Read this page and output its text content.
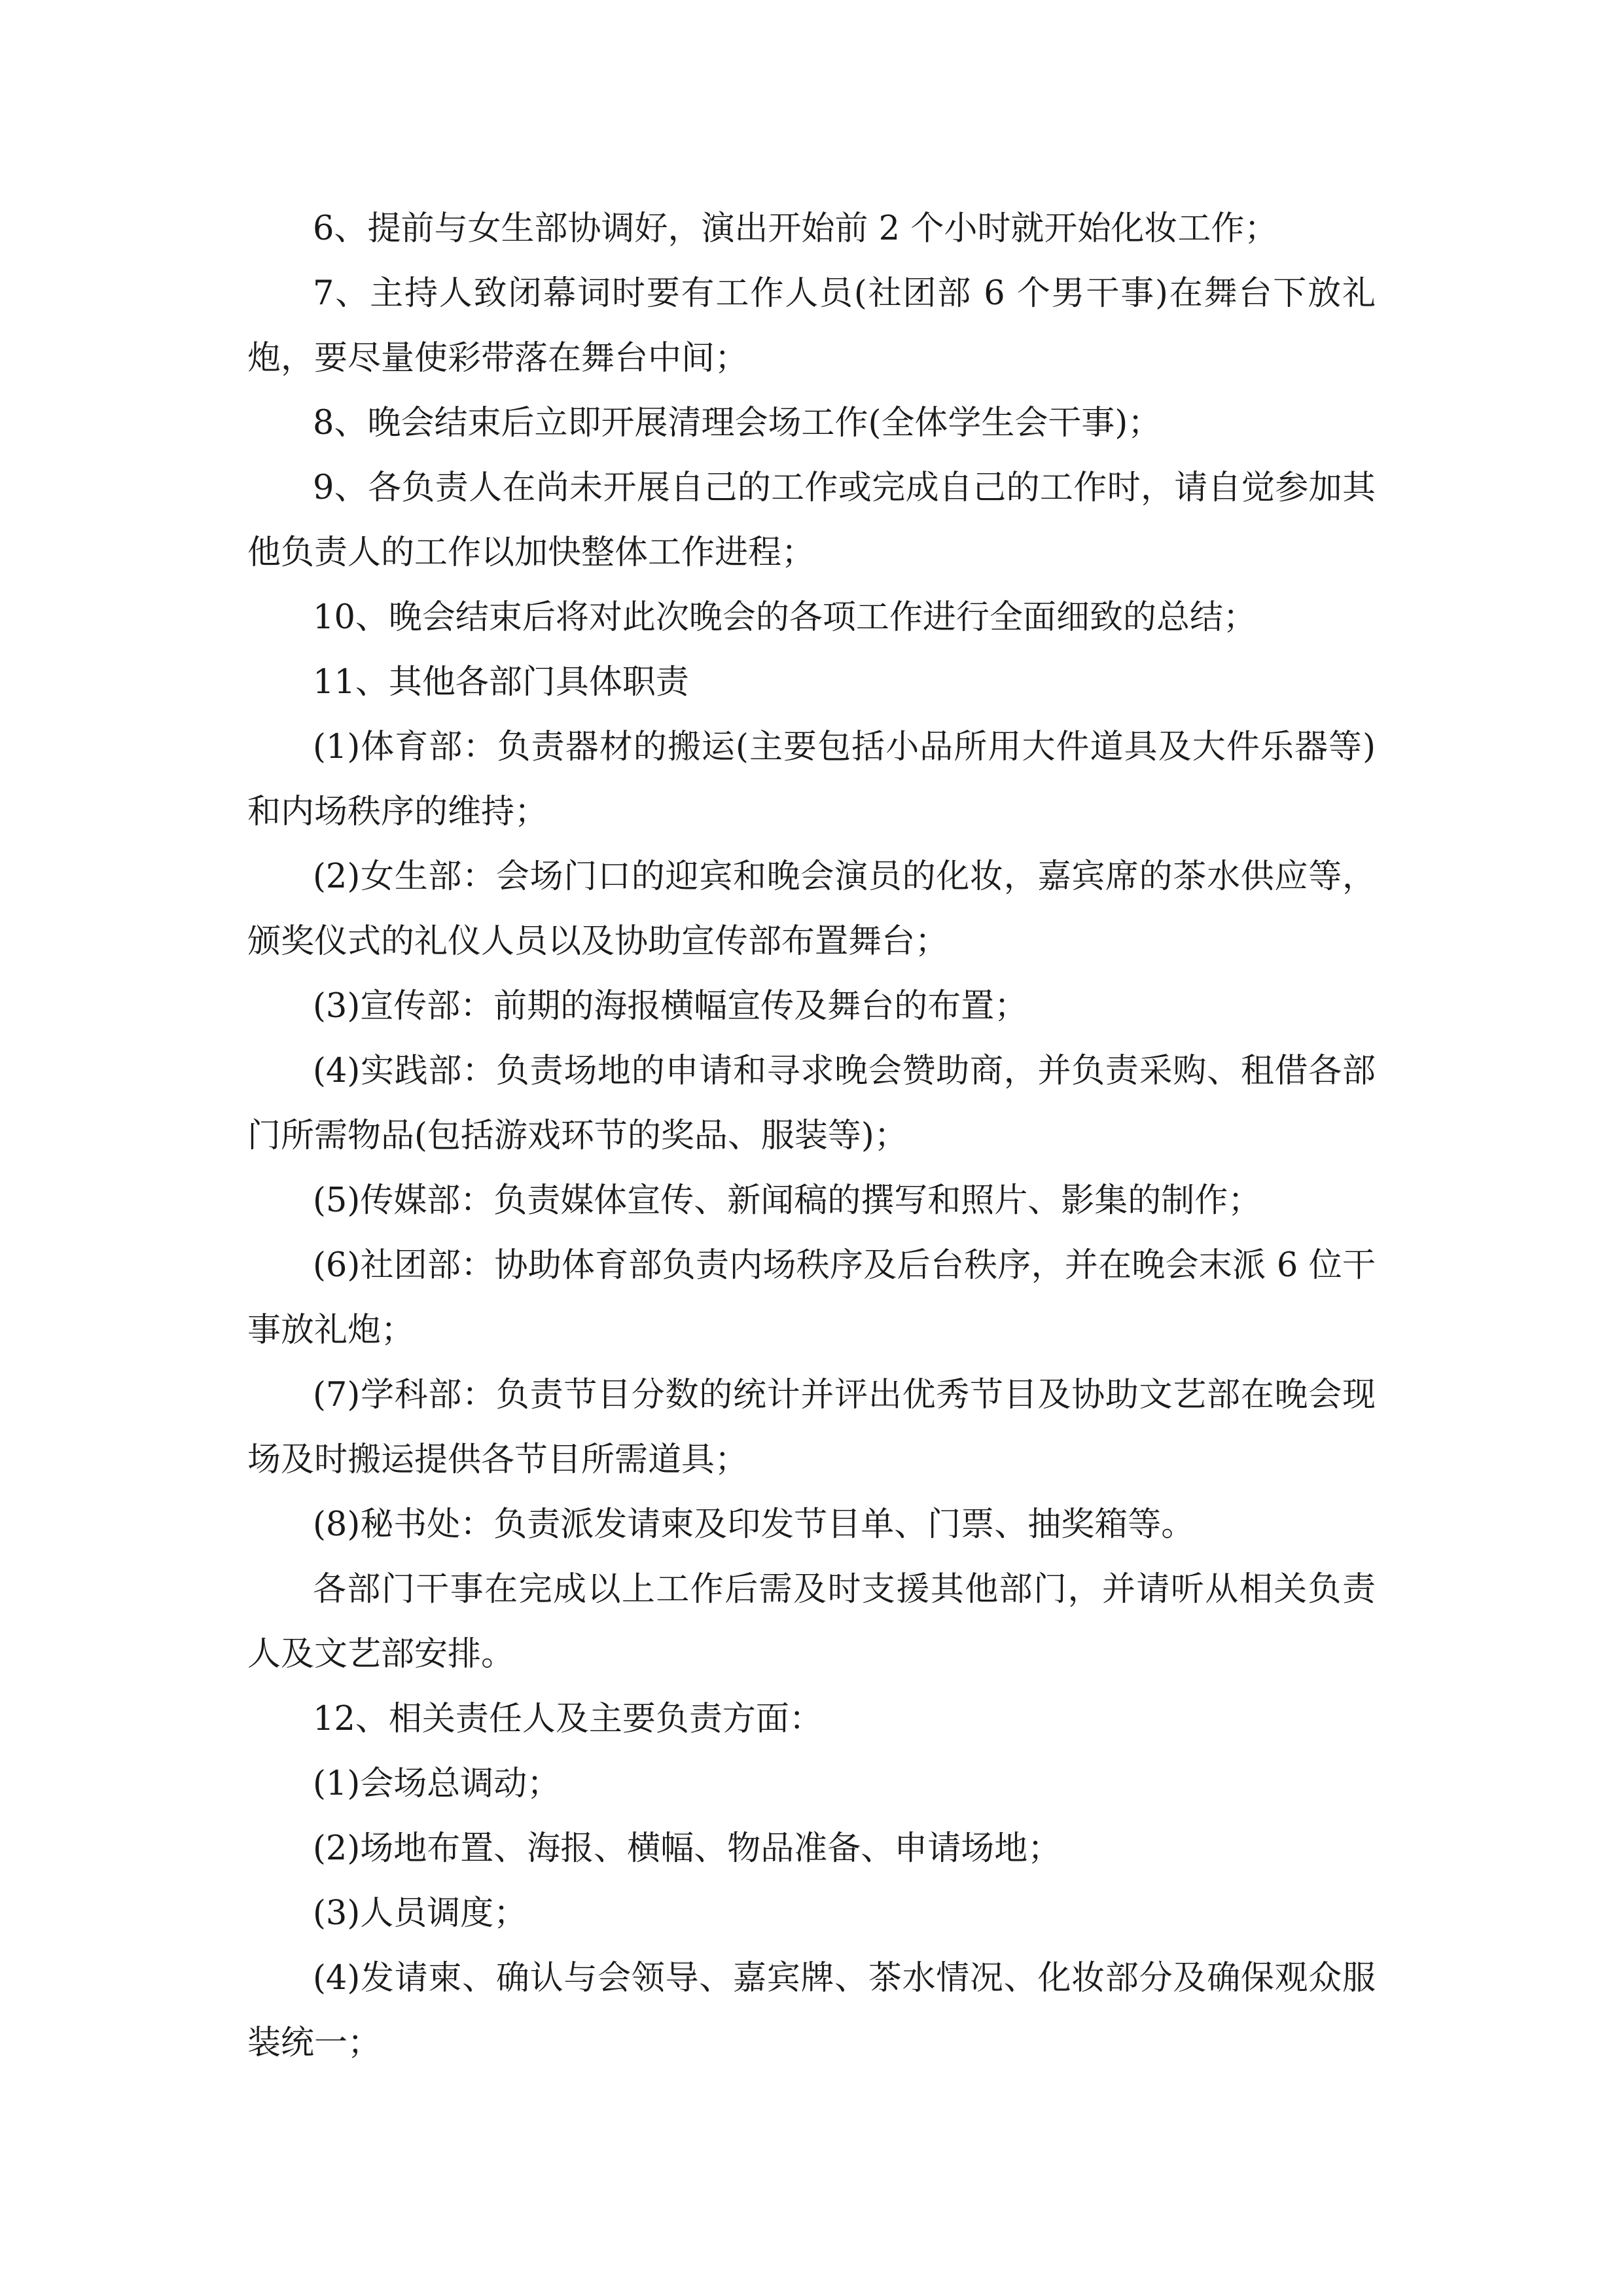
6、提前与女生部协调好，演出开始前 2 个小时就开始化妆工作；

7、主持人致闭幕词时要有工作人员(社团部 6 个男干事)在舞台下放礼炮，要尽量使彩带落在舞台中间；

8、晚会结束后立即开展清理会场工作(全体学生会干事)；

9、各负责人在尚未开展自己的工作或完成自己的工作时，请自觉参加其他负责人的工作以加快整体工作进程；

10、晚会结束后将对此次晚会的各项工作进行全面细致的总结；

11、其他各部门具体职责

(1)体育部：负责器材的搬运(主要包括小品所用大件道具及大件乐器等)和内场秩序的维持；

(2)女生部：会场门口的迎宾和晚会演员的化妆，嘉宾席的茶水供应等，颁奖仪式的礼仪人员以及协助宣传部布置舞台；

(3)宣传部：前期的海报横幅宣传及舞台的布置；

(4)实践部：负责场地的申请和寻求晚会赞助商，并负责采购、租借各部门所需物品(包括游戏环节的奖品、服装等)；

(5)传媒部：负责媒体宣传、新闻稿的撰写和照片、影集的制作；

(6)社团部：协助体育部负责内场秩序及后台秩序，并在晚会末派 6 位干事放礼炮；

(7)学科部：负责节目分数的统计并评出优秀节目及协助文艺部在晚会现场及时搬运提供各节目所需道具；

(8)秘书处：负责派发请柬及印发节目单、门票、抽奖箱等。

各部门干事在完成以上工作后需及时支援其他部门，并请听从相关负责人及文艺部安排。

12、相关责任人及主要负责方面：

(1)会场总调动；

(2)场地布置、海报、横幅、物品准备、申请场地；

(3)人员调度；

(4)发请柬、确认与会领导、嘉宾牌、茶水情况、化妆部分及确保观众服装统一；
